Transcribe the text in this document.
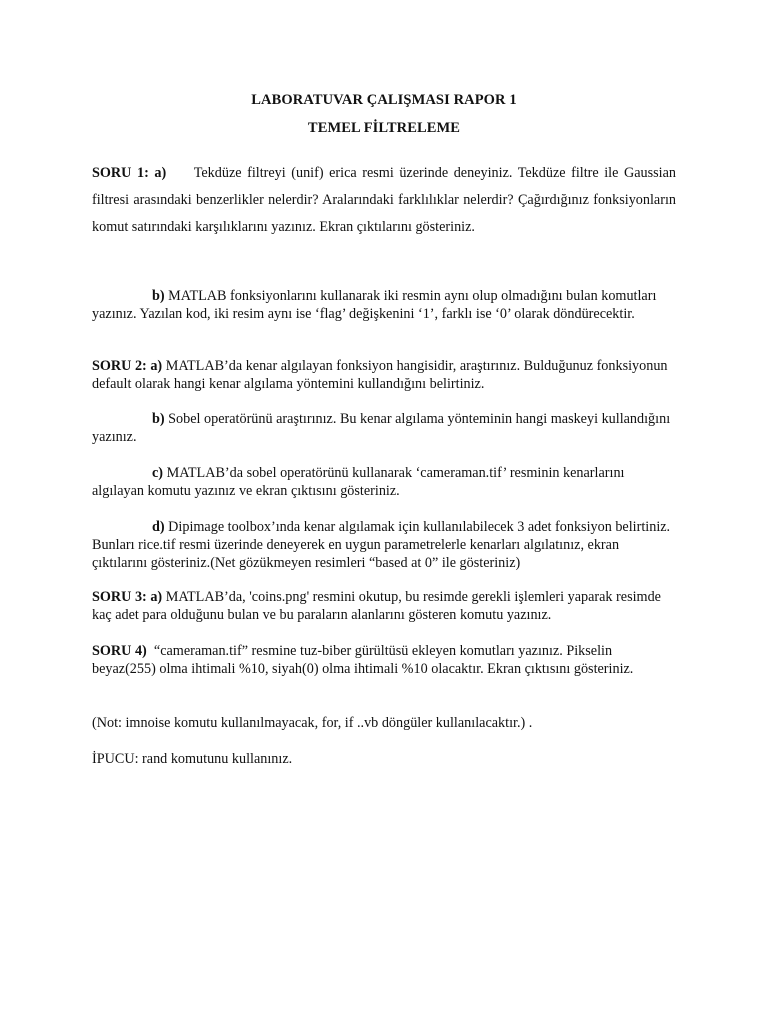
LABORATUVAR ÇALIŞMASI RAPOR 1
TEMEL FİLTRELEME
SORU 1: a) Tekdüze filtreyi (unif) erica resmi üzerinde deneyiniz. Tekdüze filtre ile Gaussian filtresi arasındaki benzerlikler nelerdir? Aralarındaki farklılıklar nelerdir? Çağırdığınız fonksiyonların komut satırındaki karşılıklarını yazınız. Ekran çıktılarını gösteriniz.
b) MATLAB fonksiyonlarını kullanarak iki resmin aynı olup olmadığını bulan komutları yazınız. Yazılan kod, iki resim aynı ise ‘flag’ değişkenini ‘1’, farklı ise ‘0’ olarak döndürecektir.
SORU 2: a) MATLAB’da kenar algılayan fonksiyon hangisidir, araştırınız. Bulduğunuz fonksiyonun default olarak hangi kenar algılama yöntemini kullandığını belirtiniz.
b) Sobel operatörünü araştırınız. Bu kenar algılama yönteminin hangi maskeyi kullandığını yazınız.
c) MATLAB’da sobel operatörünü kullanarak ‘cameraman.tif’ resminin kenarlarını algılayan komutu yazınız ve ekran çıktısını gösteriniz.
d) Dipimage toolbox’ında kenar algılamak için kullanılabilecek 3 adet fonksiyon belirtiniz. Bunları rice.tif resmi üzerinde deneyerek en uygun parametrelerle kenarları algılatınız, ekran çıktılarını gösteriniz.(Net gözükmeyen resimleri “based at 0” ile gösteriniz)
SORU 3: a) MATLAB’da, 'coins.png' resmini okutup, bu resimde gerekli işlemleri yaparak resimde kaç adet para olduğunu bulan ve bu paraların alanlarını gösteren komutu yazınız.
SORU 4) “cameraman.tif” resmine tuz-biber gürültüsü ekleyen komutları yazınız. Pikselin beyaz(255) olma ihtimali %10, siyah(0) olma ihtimali %10 olacaktır. Ekran çıktısını gösteriniz.
(Not: imnoise komutu kullanılmayacak, for, if ..vb döngüler kullanılacaktır.) .
İPUCU: rand komutunu kullanınız.
